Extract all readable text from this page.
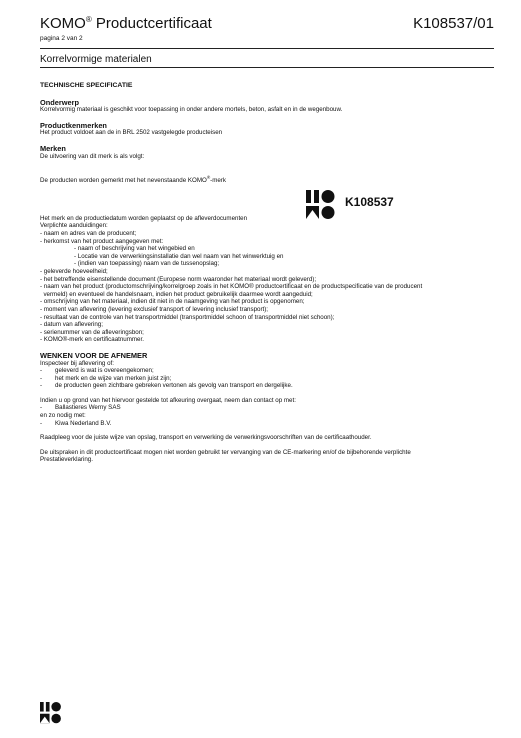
KOMO® Productcertificaat	K108537/01
pagina 2 van 2
Korrelvormige materialen
TECHNISCHE SPECIFICATIE
Onderwerp
Korrelvormig materiaal is geschikt voor toepassing in onder andere mortels, beton, asfalt en in de wegenbouw.
Productkenmerken
Het product voldoet aan de in BRL 2502 vastgelegde producteisen
Merken
De uitvoering van dit merk is als volgt:
De producten worden gemerkt met het nevenstaande KOMO®-merk
Het merk en de productiedatum worden geplaatst op de afleverdocumenten
Verplichte aanduidingen:
- naam en adres van de producent;
- herkomst van het product aangegeven met:
- naam of beschrijving van het wingebied en
- Locatie van de verwerkingsinstallatie dan wel naam van het winwerktuig en
- (indien van toepassing) naam van de tussenopslag;
- geleverde hoeveelheid;
- het betreffende eisenstellende document (Europese norm waaronder het materiaal wordt geleverd);
- naam van het product (productomschrijving/korrelgroep zoals in het KOMO® productcertificaat en de productspecificatie van de producent
vermeld) en eventueel de handelsnaam, indien het product gebruikelijk daarmee wordt aangeduid;
- omschrijving van het materiaal, indien dit niet in de naamgeving van het product is opgenomen;
- moment van aflevering (levering exclusief transport of levering inclusief transport);
- resultaat van de controle van het transportmiddel (transportmiddel schoon of transportmiddel niet schoon);
- datum van aflevering;
- serienummer van de afleveringsbon;
- KOMO®-merk en certificaatnummer.
WENKEN VOOR DE AFNEMER
Inspecteer bij aflevering of:
-	geleverd is wat is overeengekomen;
-	het merk en de wijze van merken juist zijn;
-	de producten geen zichtbare gebreken vertonen als gevolg van transport en dergelijke.
Indien u op grond van het hiervoor gestelde tot afkeuring overgaat, neem dan contact op met:
-	Ballastieres Werny SAS
en zo nodig met:
-	Kiwa Nederland B.V.
Raadpleeg voor de juiste wijze van opslag, transport en verwerking de verwerkingsvoorschriften van de certificaathouder.
De uitspraken in dit productcertificaat mogen niet worden gebruikt ter vervanging van de CE-markering en/of de bijbehorende verplichte
Prestatieverklaring.
K108537
